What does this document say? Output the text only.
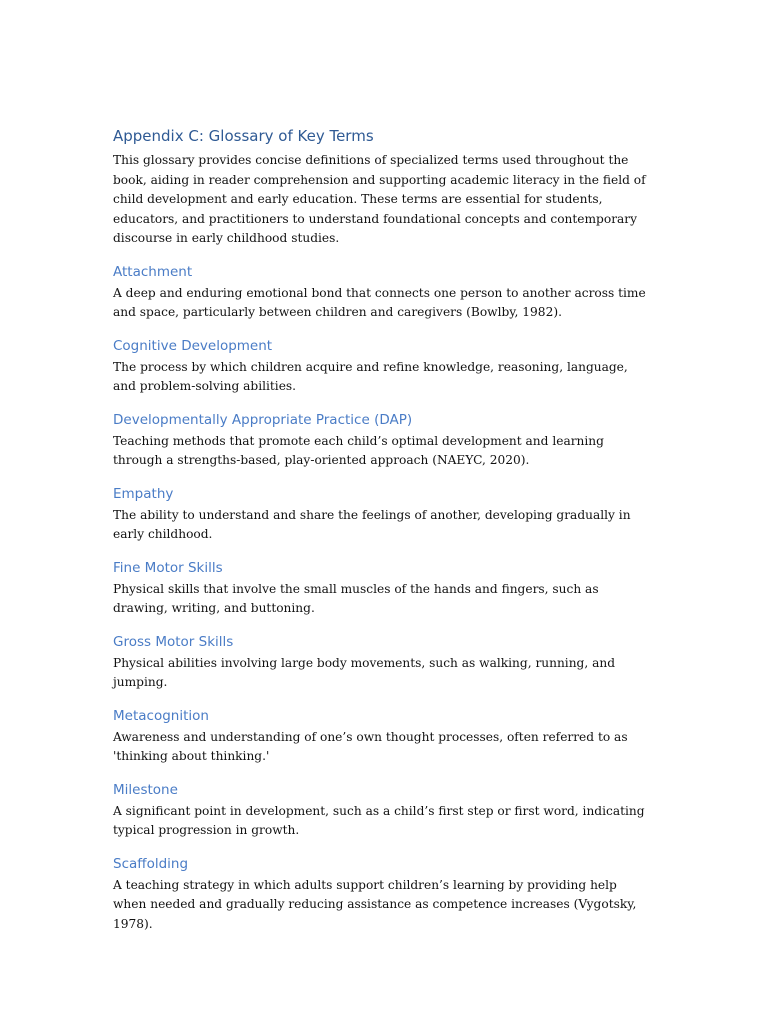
Appendix C: Glossary of Key Terms

This glossary provides concise definitions of specialized terms used throughout the book, aiding in reader comprehension and supporting academic literacy in the field of child development and early education. These terms are essential for students, educators, and practitioners to understand foundational concepts and contemporary discourse in early childhood studies.

Attachment

A deep and enduring emotional bond that connects one person to another across time and space, particularly between children and caregivers (Bowlby, 1982).

Cognitive Development

The process by which children acquire and refine knowledge, reasoning, language, and problem-solving abilities.

Developmentally Appropriate Practice (DAP)

Teaching methods that promote each child’s optimal development and learning through a strengths-based, play-oriented approach (NAEYC, 2020).

Empathy

The ability to understand and share the feelings of another, developing gradually in early childhood.

Fine Motor Skills

Physical skills that involve the small muscles of the hands and fingers, such as drawing, writing, and buttoning.

Gross Motor Skills

Physical abilities involving large body movements, such as walking, running, and jumping.

Metacognition

Awareness and understanding of one’s own thought processes, often referred to as 'thinking about thinking.'

Milestone

A significant point in development, such as a child’s first step or first word, indicating typical progression in growth.

Scaffolding

A teaching strategy in which adults support children’s learning by providing help when needed and gradually reducing assistance as competence increases (Vygotsky, 1978).
